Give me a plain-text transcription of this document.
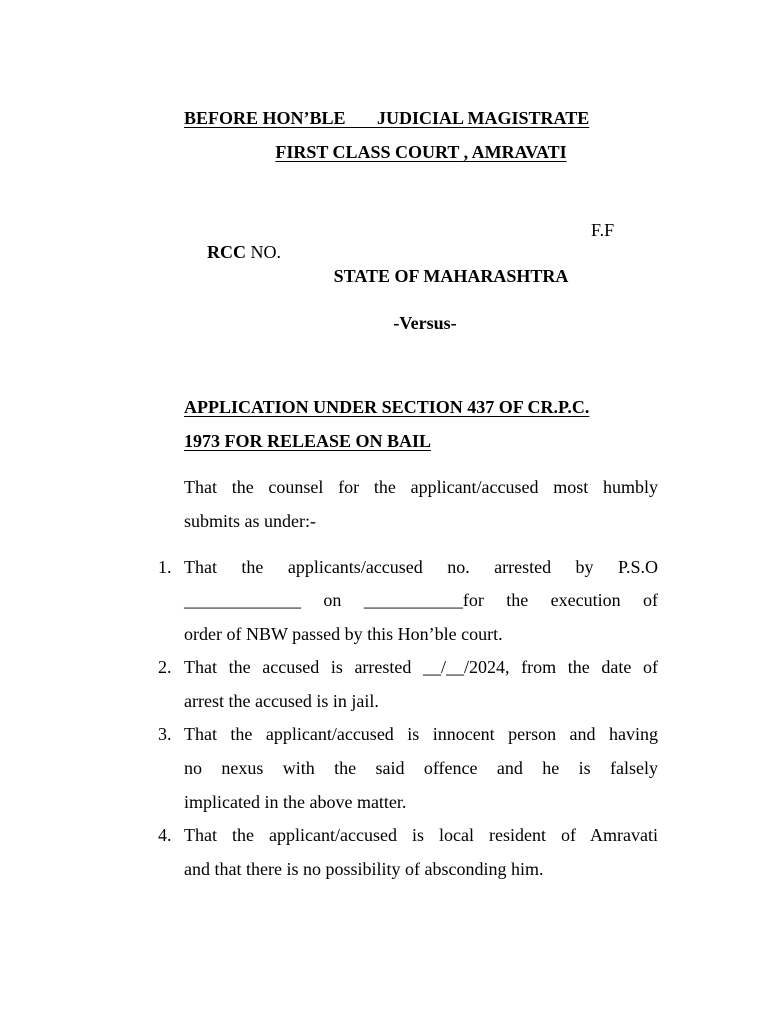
BEFORE HON’BLE       JUDICIAL MAGISTRATE
FIRST CLASS COURT , AMRAVATI

RCC NO.

F.F
STATE OF MAHARASHTRA
-Versus-
APPLICATION UNDER SECTION 437 OF CR.P.C.
1973 FOR RELEASE ON BAIL
That the counsel for the applicant/accused most humbly
submits as under:-
1. That the applicants/accused no. arrested by P.S.O
_____________ on ___________for the execution of
order of NBW passed by this Hon’ble court.
2. That the accused is arrested __/__/2024, from the date of
arrest the accused is in jail.
3. That the applicant/accused is innocent person and having
no nexus with the said offence and he is falsely
implicated in the above matter.
4. That the applicant/accused is local resident of Amravati
and that there is no possibility of absconding him.
